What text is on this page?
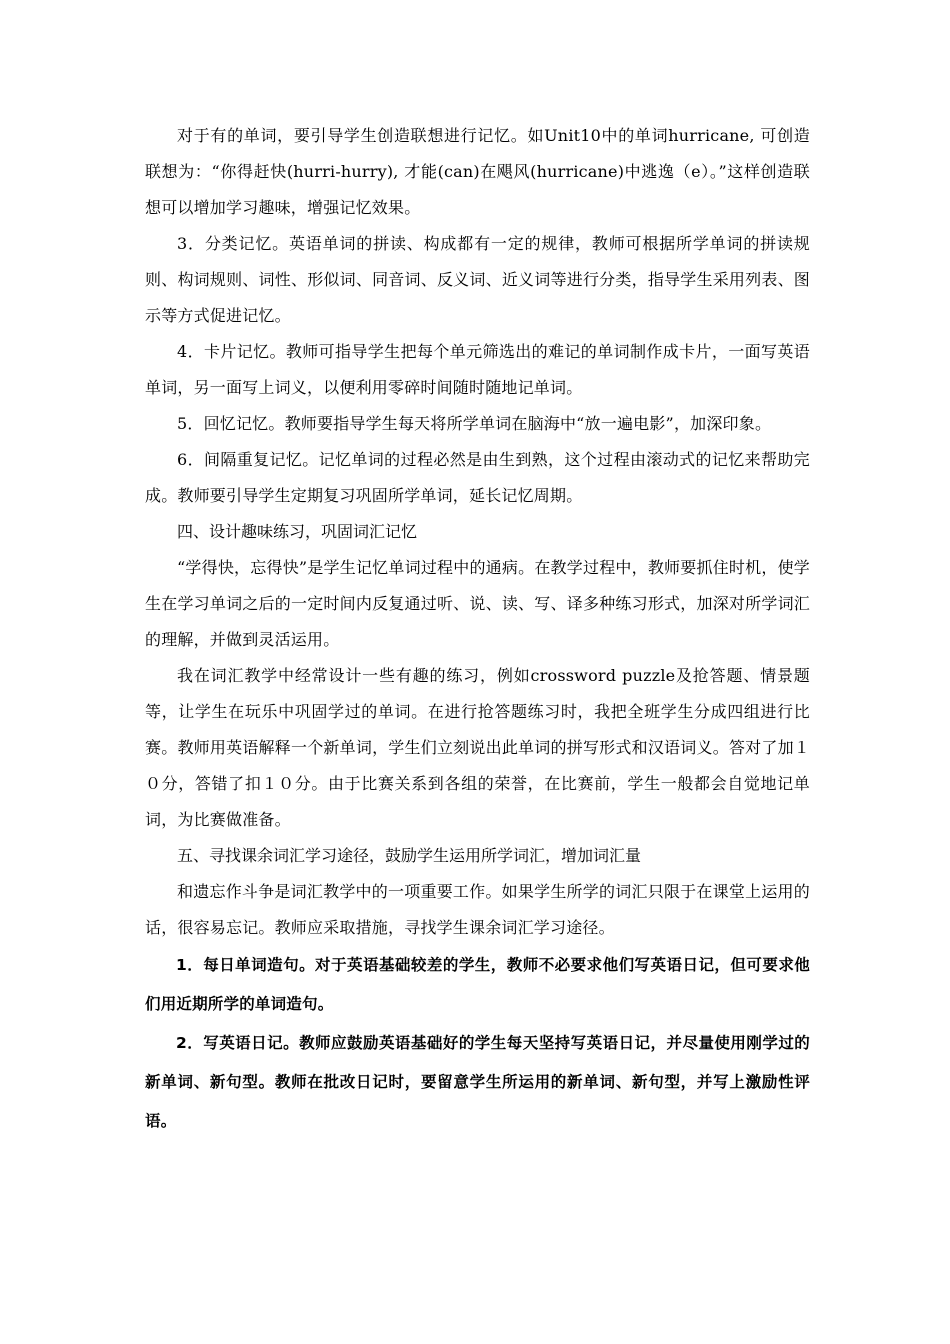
对于有的单词，要引导学生创造联想进行记忆。如Unit10中的单词hurricane, 可创造联想为：“你得赶快(hurri-hurry), 才能(can)在飓风(hurricane)中逃逸（e）。”这样创造联想可以增加学习趣味，增强记忆效果。

3．分类记忆。英语单词的拼读、构成都有一定的规律，教师可根据所学单词的拼读规则、构词规则、词性、形似词、同音词、反义词、近义词等进行分类，指导学生采用列表、图示等方式促进记忆。

4．卡片记忆。教师可指导学生把每个单元筛选出的难记的单词制作成卡片，一面写英语单词，另一面写上词义，以便利用零碎时间随时随地记单词。

5．回忆记忆。教师要指导学生每天将所学单词在脑海中“放一遍电影”，加深印象。

6．间隔重复记忆。记忆单词的过程必然是由生到熟，这个过程由滚动式的记忆来帮助完成。教师要引导学生定期复习巩固所学单词，延长记忆周期。

四、设计趣味练习，巩固词汇记忆

“学得快，忘得快”是学生记忆单词过程中的通病。在教学过程中，教师要抓住时机，使学生在学习单词之后的一定时间内反复通过听、说、读、写、译多种练习形式，加深对所学词汇的理解，并做到灵活运用。

我在词汇教学中经常设计一些有趣的练习，例如crossword puzzle及抢答题、情景题等，让学生在玩乐中巩固学过的单词。在进行抢答题练习时，我把全班学生分成四组进行比赛。教师用英语解释一个新单词，学生们立刻说出此单词的拼写形式和汉语词义。答对了加１０分，答错了扣１０分。由于比赛关系到各组的荣誉，在比赛前，学生一般都会自觉地记单词，为比赛做准备。

五、寻找课余词汇学习途径，鼓励学生运用所学词汇，增加词汇量

和遗忘作斗争是词汇教学中的一项重要工作。如果学生所学的词汇只限于在课堂上运用的话，很容易忘记。教师应采取措施，寻找学生课余词汇学习途径。

1．每日单词造句。对于英语基础较差的学生，教师不必要求他们写英语日记，但可要求他们用近期所学的单词造句。

2．写英语日记。教师应鼓励英语基础好的学生每天坚持写英语日记，并尽量使用刚学过的新单词、新句型。教师在批改日记时，要留意学生所运用的新单词、新句型，并写上激励性评语。
